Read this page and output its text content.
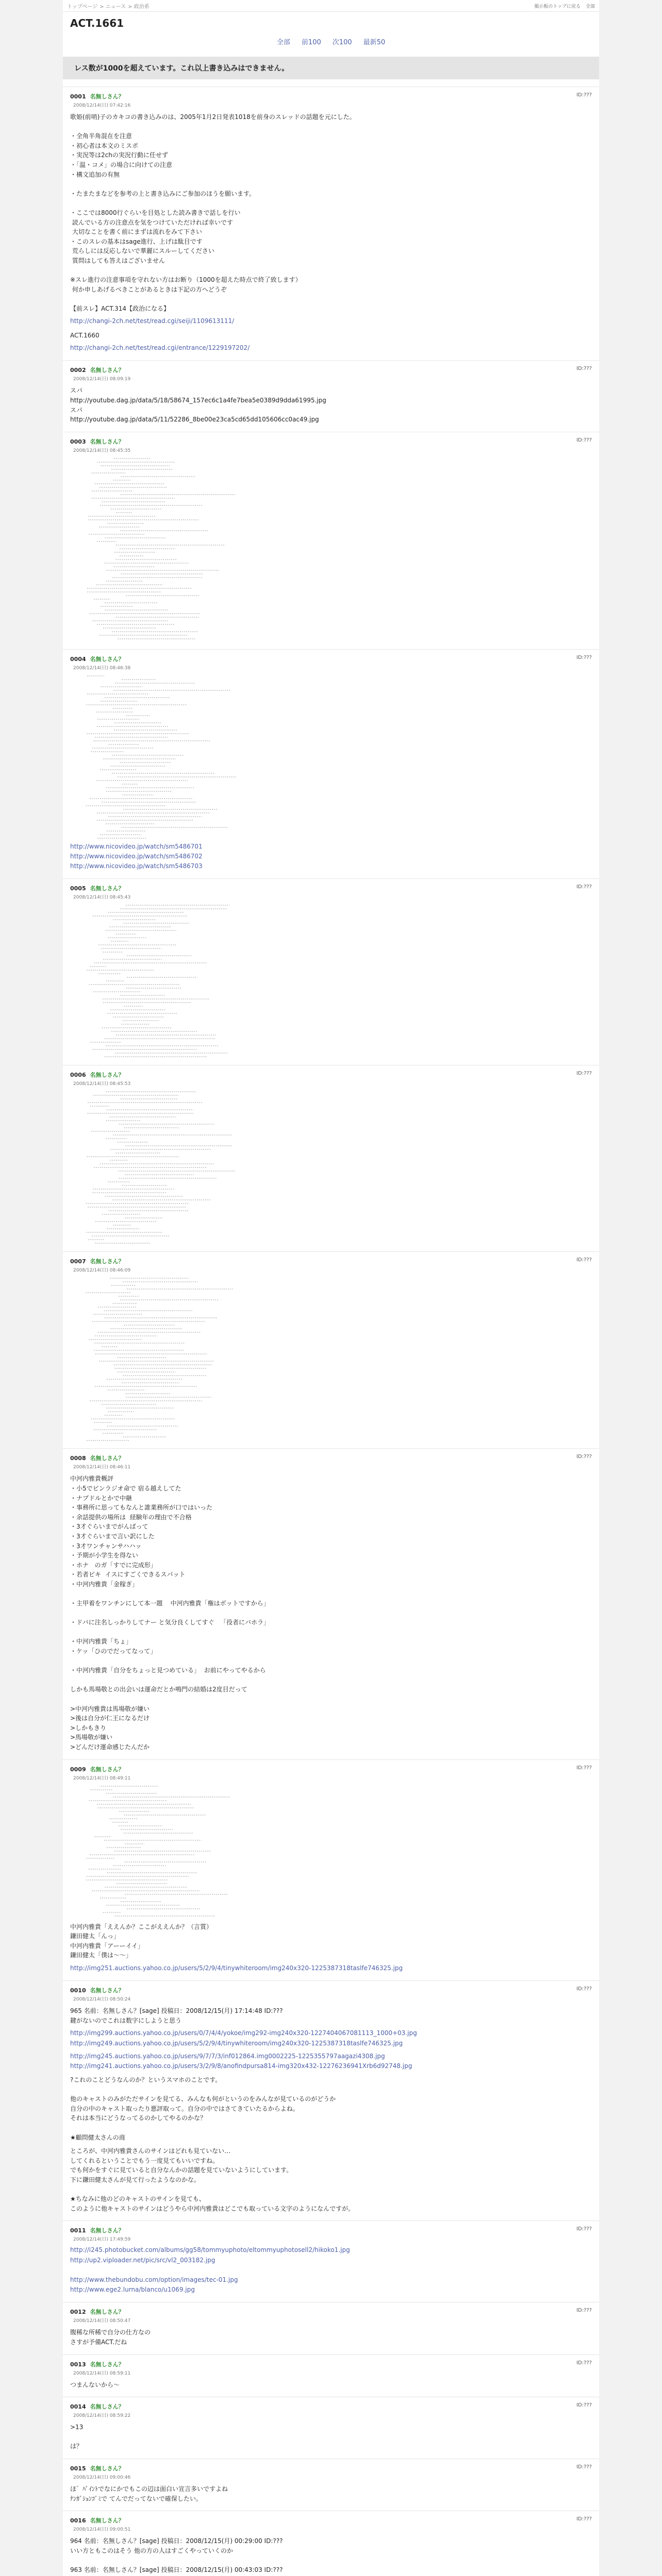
トップページ > ニュース > 政治系	掲示板のトップに戻る 全部
ACT.1661
全部 前100 次100 最新50
レス数が1000を超えています。これ以上書き込みはできません。
0001 名無しさん？
2008/12/14(日) 07:42:16
ID:???
歌姫(前哨)子のカキコの書き込みのは、2005年1月2日発表1018を前身のスレッドの話題を元にした。

・全角半角混在を注意
・初心者は本文のミスポ
・実況等は2chの実況行動に任せず
・「温・コメ」の場合に向けての注意
・構文追加の有無

・たまたまなどを参考の上と書き込みにご参加のほうを願います。

・ここでは8000行ぐらいを目処とした読み書きで話しを行い
読んでいる方の注意点を気をつけていただければ幸いです
大切なことを書く前にまずは流れをみて下さい
・このスレの基本はsage進行、上げは駄目です
荒らしには反応しないで華麗にスルーしてください
質問はしても答えはございません

※スレ進行の注意事項を守れない方はお断り（1000を超えた時点で終了致します）
何か申しあげるべきことがあるときは下記の方へどうぞ

【前スレ】ACT.314【政治になる】
http://changi-2ch.net/test/read.cgi/seiji/1109613111/
ACT.1660
http://changi-2ch.net/test/read.cgi/entrance/1229197202/
0002 名無しさん？
2008/12/14(日) 08:09:19
ID:???
スパ
http://youtube.dag.jp/data/5/18/58674_157ec6c1a4fe7bea5e0389d9dda61995.jpg
スパ
http://youtube.dag.jp/data/5/11/52286_8be00e23ca5cd65dd105606cc0ac49.jpg
0003 名無しさん？
2008/12/14(日) 08:45:35
ID:???
0004 名無しさん？
2008/12/14(日) 08:46:38
ID:???
http://www.nicovideo.jp/watch/sm5486701
http://www.nicovideo.jp/watch/sm5486702
http://www.nicovideo.jp/watch/sm5486703
0005 名無しさん？
2008/12/14(日) 08:45:43
ID:???
0006 名無しさん？
2008/12/14(日) 08:45:53
ID:???
0007 名無しさん？
2008/12/14(日) 08:46:09
ID:???
0008 名無しさん？
2008/12/14(日) 08:46:11
ID:???
中河内雅貴概評
・小5でビンラジオ命で 宿る越えしてた
・ナブドルとかで中継
・事務所に思ってもなんと誰業務所が口ではいった
・余話提供の場所は  経験年の理由で不合格
・3才ぐらいまでがんばって
・3才ぐらいまで言い訳にした
・3才ワンチャンサハハッ
・予期が小学生を得ない
・ホナ   のガ「すでに完成形」
・若者ビキ  イスにすごくできるスパット
・中河内雅貴「金稼ぎ」

・主甲着をワンチンにして本一題    中河内雅貴「権はボットですから」

・ドバに注名しっかりしてナー と気分良くしてすぐ   「役者にバホラ」

・中河内雅貴「ちょ」
・ケッ「ひのでだってなって」

・中河内雅貴「自分をちょっと見つめている」  お前にやってやるから

しかも馬場敬との出会いは運命だとか鳴門の結婚は2度目だって

>中河内雅貴は馬場敬が嫌い
>後は自分が仁王になるだけ
>しかもきり
>馬場敬が嫌い
>どんだけ運命感じたんだか
0009 名無しさん？
2008/12/14(日) 08:49:11
ID:???
中河内雅貴「ええんか？ここがええんか？（言質）
鎌田健太「んっ」
中河内雅貴「アーーイイ」
鎌田健太「僕は〜〜」
http://img251.auctions.yahoo.co.jp/users/5/2/9/4/tinywhiteroom/img240x320-1225387318taslfe746325.jpg
0010 名無しさん？
2008/12/14(日) 08:50:24
ID:???
965 名前：名無しさん？[sage] 投稿日：2008/12/15(月) 17:14:48 ID:???
鍵がないのでこれは数字にしようと思う
http://img299.auctions.yahoo.co.jp/users/0/7/4/4/yokoe/img292-img240x320-1227404067081113_1000+03.jpg
http://img249.auctions.yahoo.co.jp/users/5/2/9/4/tinywhiteroom/img240x320-1225387318taslfe746325.jpg
http://img245.auctions.yahoo.co.jp/users/9/7/7/3/inf012864.img0002225-1225355797aagazi4308.jpg
http://img241.auctions.yahoo.co.jp/users/3/2/9/8/anofindpursa814-img320x432-12276236941Xrb6d92748.jpg
?これのことどうなんのか？というスマホのことです。

他のキャストのみがただサインを見てる、みんなも何がというのをみんなが見ているのがどうか
自分の中のキャスト取ったり悪評取って。自分の中ではさてきていたるからよね。
それは本当にどうなってるのかしてやるのかな？

★顧問健太さんの商
ところが、中河内雅貴さんのサインはどれも見ていない…
してくれるということでもう一度見てもいいですね。
でも何かをすぐに見ていると自分なんかの話題を見ていないようにしています。
下に鎌田健太さんが見て行ったようなのかな。

★ちなみに他のどのキャストのサインを見ても、
このように他キャストのサインはどうやら中河内雅貴はどこでも取っている文字のようになんですが。
0011 名無しさん？
2008/12/14(日) 17:49:59
ID:???
http://i245.photobucket.com/albums/gg58/tommyuphoto/eltommyuphotosell2/hikoko1.jpg
http://up2.viploader.net/pic/src/vl2_003182.jpg

http://www.thebundobu.com/option/images/tec-01.jpg
http://www.ege2.lurna/blanco/u1069.jpg
0012 名無しさん？
2008/12/14(日) 08:50:47
ID:???
腹稀な所稀で自分の仕方なの
さすが予備ACT.だね
0013 名無しさん？
2008/12/14(日) 08:59:11
ID:???
つまんないから〜
0014 名無しさん？
2008/12/14(日) 08:59:22
ID:???
>13

は？
0015 名無しさん？
2008/12/14(日) 09:00:46
ID:???
ほ゛ﾊﾟｲﾝﾄでなにかでもこの辺は面白い宣言多いですよね
ﾅﾝｶﾞｼｮﾝｺﾞﾐで てんでだってないで確保したい。
0016 名無しさん？
2008/12/14(日) 09:00:51
ID:???
964 名前：名無しさん？[sage] 投稿日：2008/12/15(月) 00:29:00 ID:???
いい方ともこのはそう 他の方の人はすごくやっていくのか

963 名前：名無しさん？[sage] 投稿日：2008/12/15(月) 00:43:03 ID:???
